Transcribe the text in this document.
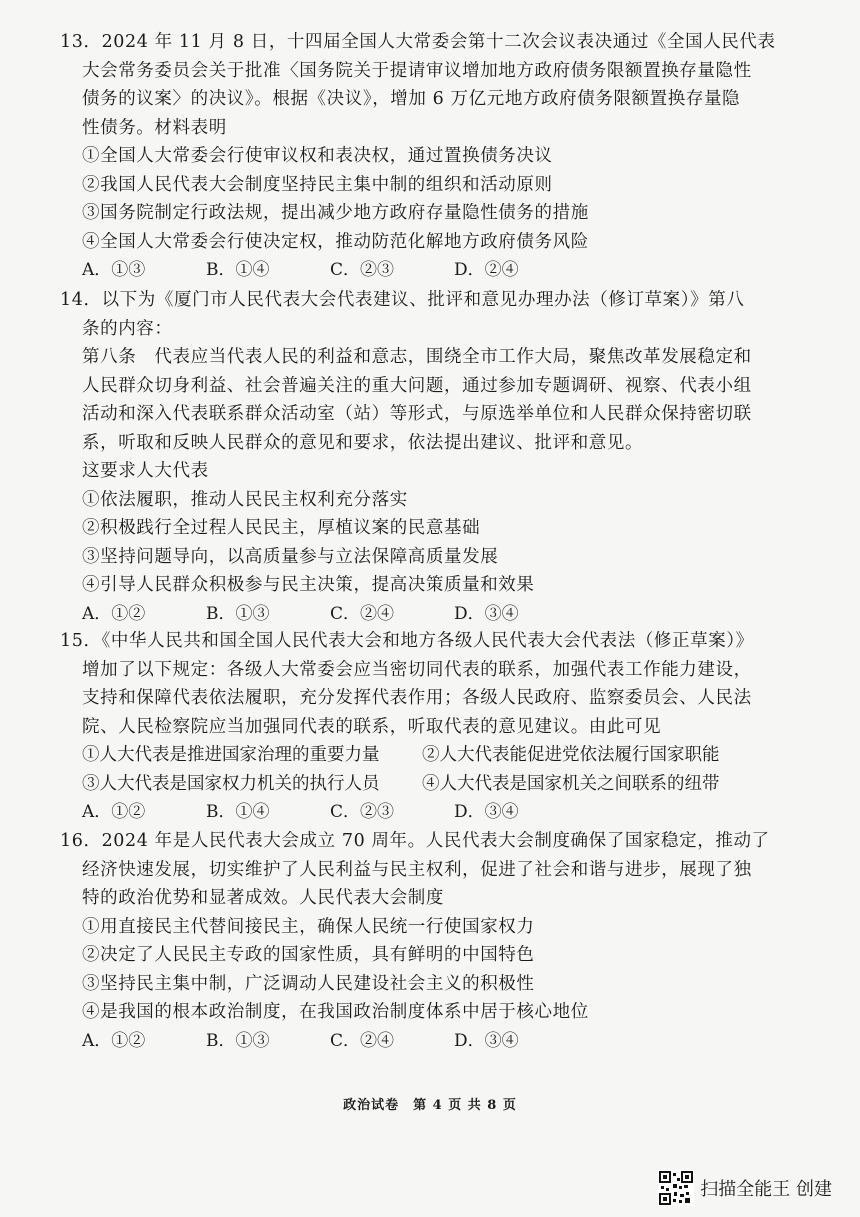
13．2024 年 11 月 8 日，十四届全国人大常委会第十二次会议表决通过《全国人民代表
大会常务委员会关于批准〈国务院关于提请审议增加地方政府债务限额置换存量隐性
债务的议案〉的决议》。根据《决议》，增加 6 万亿元地方政府债务限额置换存量隐
性债务。材料表明
①全国人大常委会行使审议权和表决权，通过置换债务决议
②我国人民代表大会制度坚持民主集中制的组织和活动原则
③国务院制定行政法规，提出减少地方政府存量隐性债务的措施
④全国人大常委会行使决定权，推动防范化解地方政府债务风险
A．①③	B．①④	C．②③	D．②④
14．以下为《厦门市人民代表大会代表建议、批评和意见办理办法（修订草案）》第八
条的内容：
第八条　代表应当代表人民的利益和意志，围绕全市工作大局，聚焦改革发展稳定和
人民群众切身利益、社会普遍关注的重大问题，通过参加专题调研、视察、代表小组
活动和深入代表联系群众活动室（站）等形式，与原选举单位和人民群众保持密切联
系，听取和反映人民群众的意见和要求，依法提出建议、批评和意见。
这要求人大代表
①依法履职，推动人民民主权利充分落实
②积极践行全过程人民民主，厚植议案的民意基础
③坚持问题导向，以高质量参与立法保障高质量发展
④引导人民群众积极参与民主决策，提高决策质量和效果
A．①②	B．①③	C．②④	D．③④
15．《中华人民共和国全国人民代表大会和地方各级人民代表大会代表法（修正草案）》
增加了以下规定：各级人大常委会应当密切同代表的联系，加强代表工作能力建设，
支持和保障代表依法履职，充分发挥代表作用；各级人民政府、监察委员会、人民法
院、人民检察院应当加强同代表的联系，听取代表的意见建议。由此可见
①人大代表是推进国家治理的重要力量	②人大代表能促进党依法履行国家职能
③人大代表是国家权力机关的执行人员	④人大代表是国家机关之间联系的纽带
A．①②	B．①④	C．②③	D．③④
16．2024 年是人民代表大会成立 70 周年。人民代表大会制度确保了国家稳定，推动了
经济快速发展，切实维护了人民利益与民主权利，促进了社会和谐与进步，展现了独
特的政治优势和显著成效。人民代表大会制度
①用直接民主代替间接民主，确保人民统一行使国家权力
②决定了人民民主专政的国家性质，具有鲜明的中国特色
③坚持民主集中制，广泛调动人民建设社会主义的积极性
④是我国的根本政治制度，在我国政治制度体系中居于核心地位
A．①②	B．①③	C．②④	D．③④
政治试卷　第 4 页 共 8 页
扫描全能王 创建
